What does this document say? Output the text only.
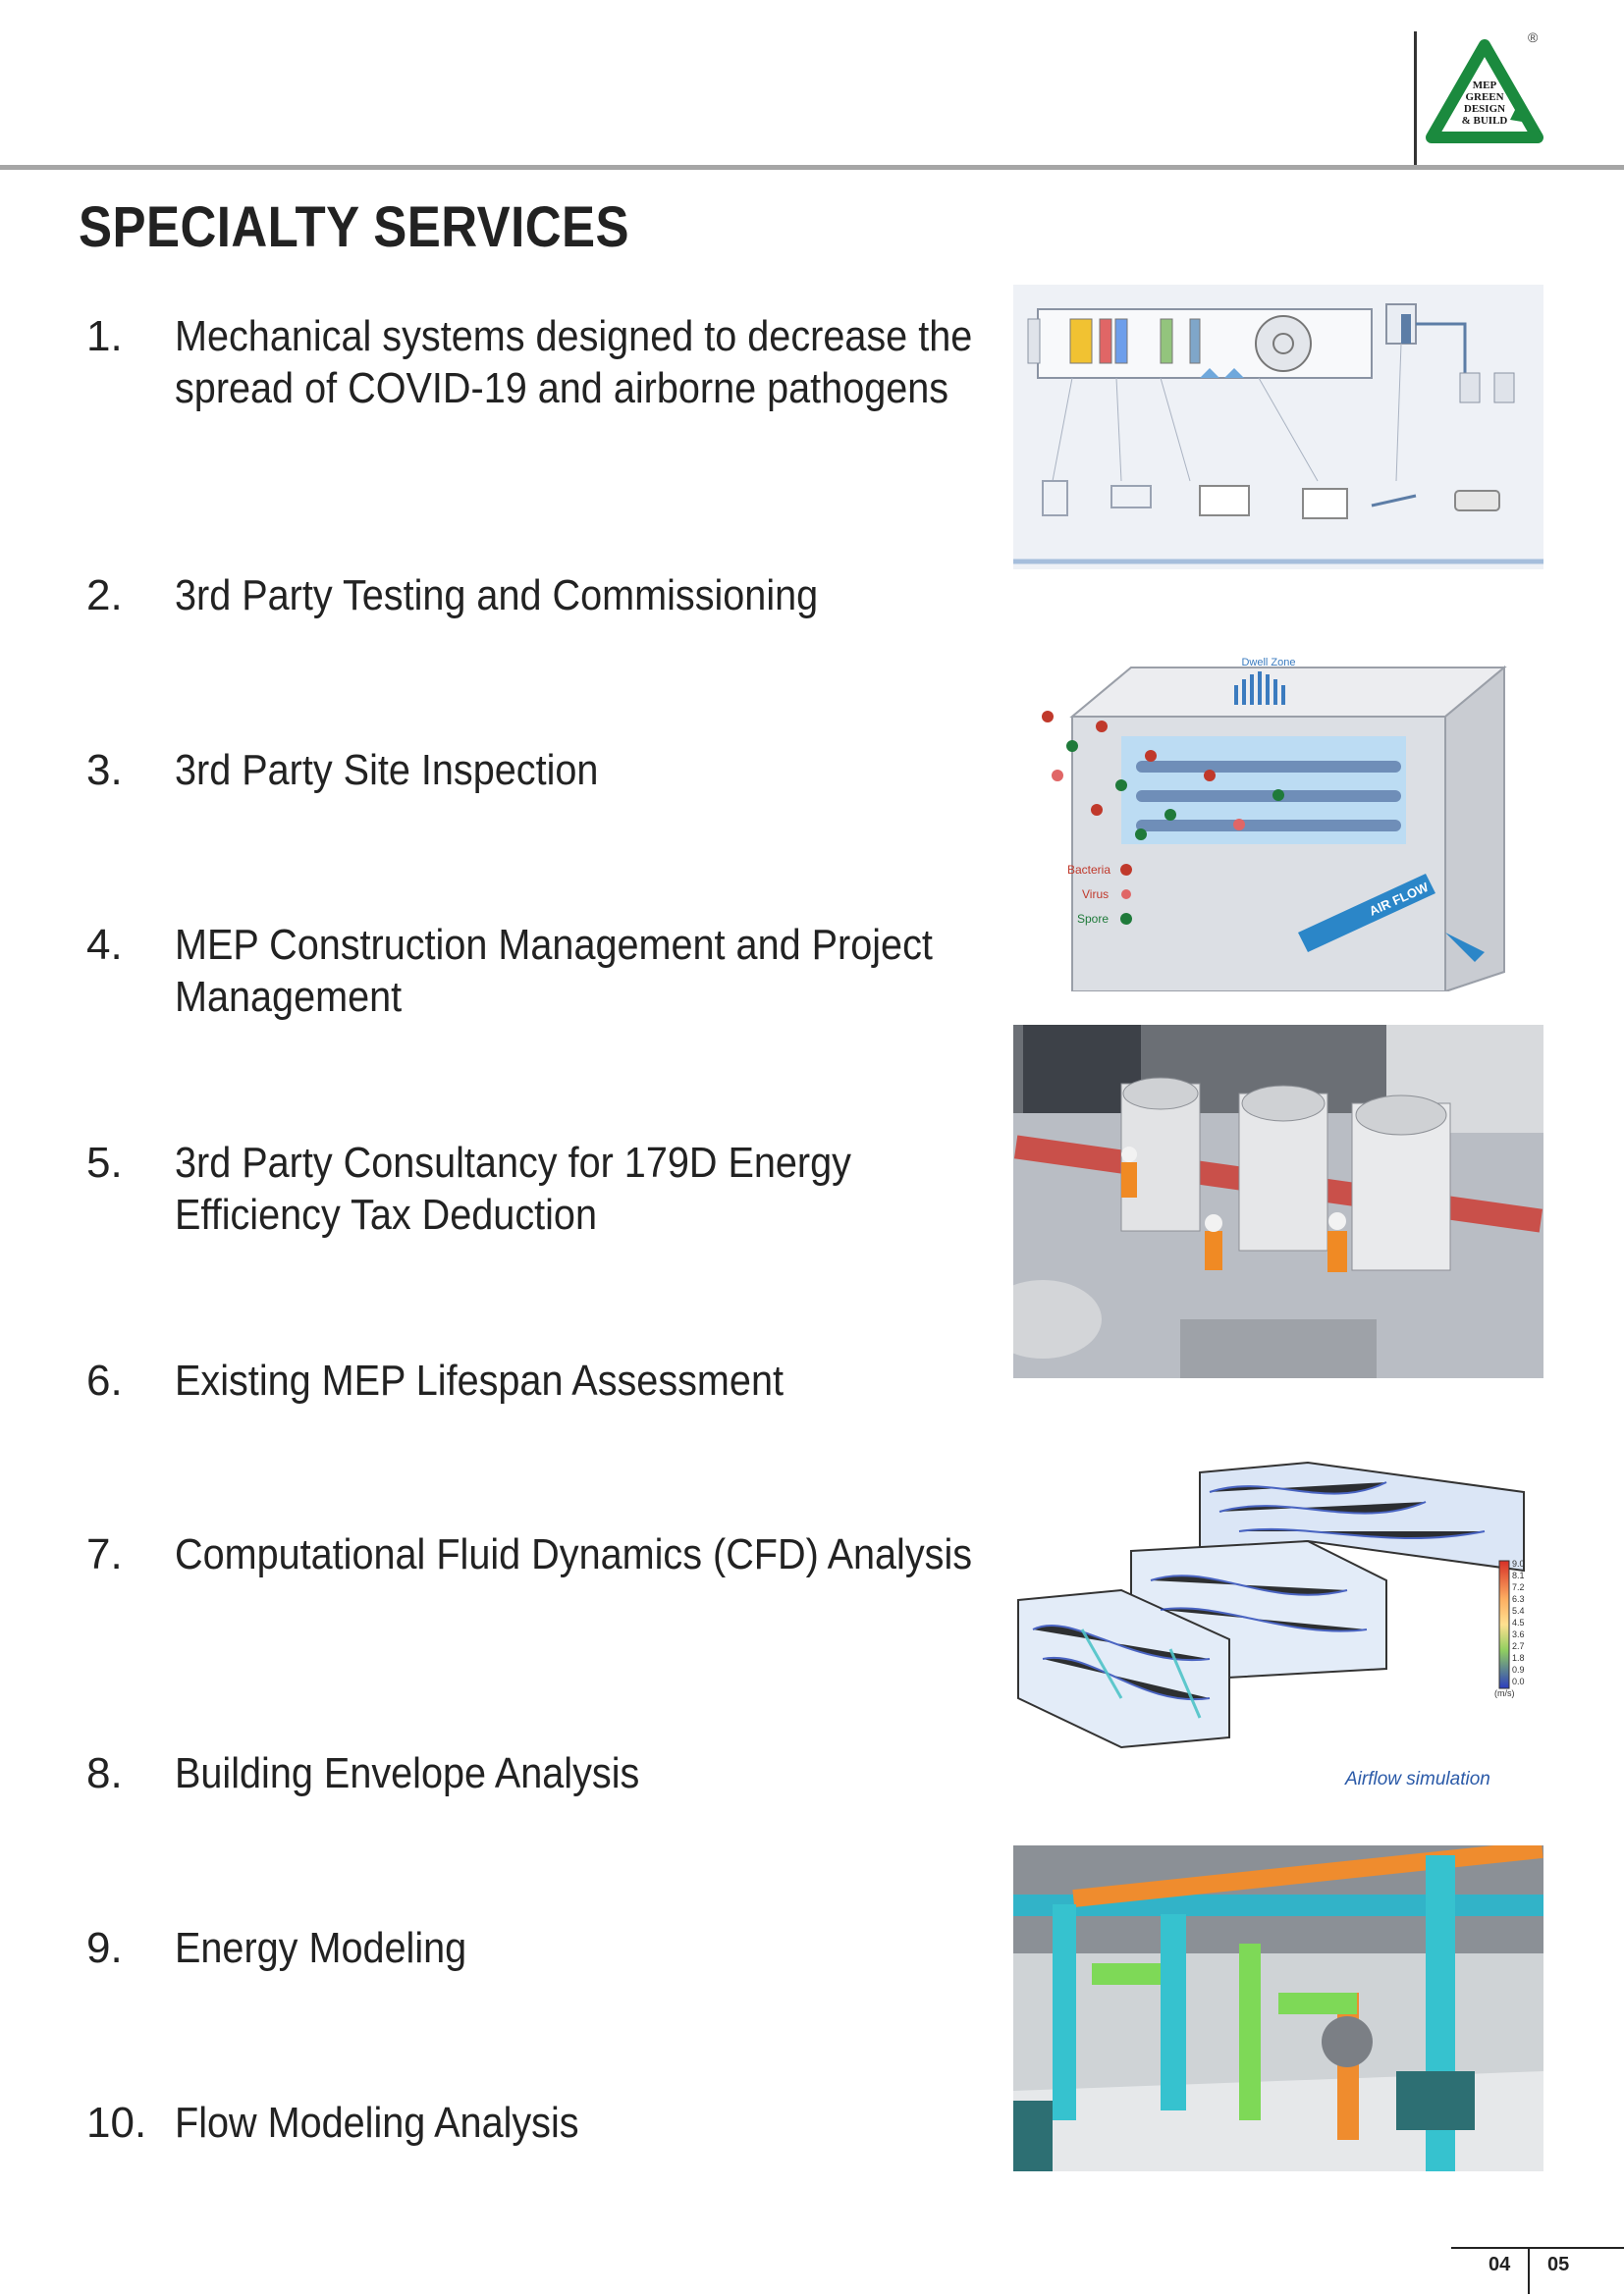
MEP
GREEN
DESIGN
& BUILD
®
SPECIALTY SERVICES
1.	Mechanical systems designed to decrease the spread of COVID-19 and airborne pathogens
2.	3rd Party Testing and Commissioning
3.	3rd Party Site Inspection
4.	MEP Construction Management and Project Management
5.	3rd Party Consultancy for 179D Energy Efficiency Tax Deduction
6.	Existing MEP Lifespan Assessment
7.	Computational Fluid Dynamics (CFD) Analysis
8.	Building Envelope Analysis
9.	Energy Modeling
10. Flow Modeling Analysis
Dwell Zone
AIR FLOW
Bacteria
Virus
Spore
9.0
8.1
7.2
6.3
5.4
4.5
3.6
2.7
1.8
0.9
0.0
(m/s)
Airflow simulation
04 05
